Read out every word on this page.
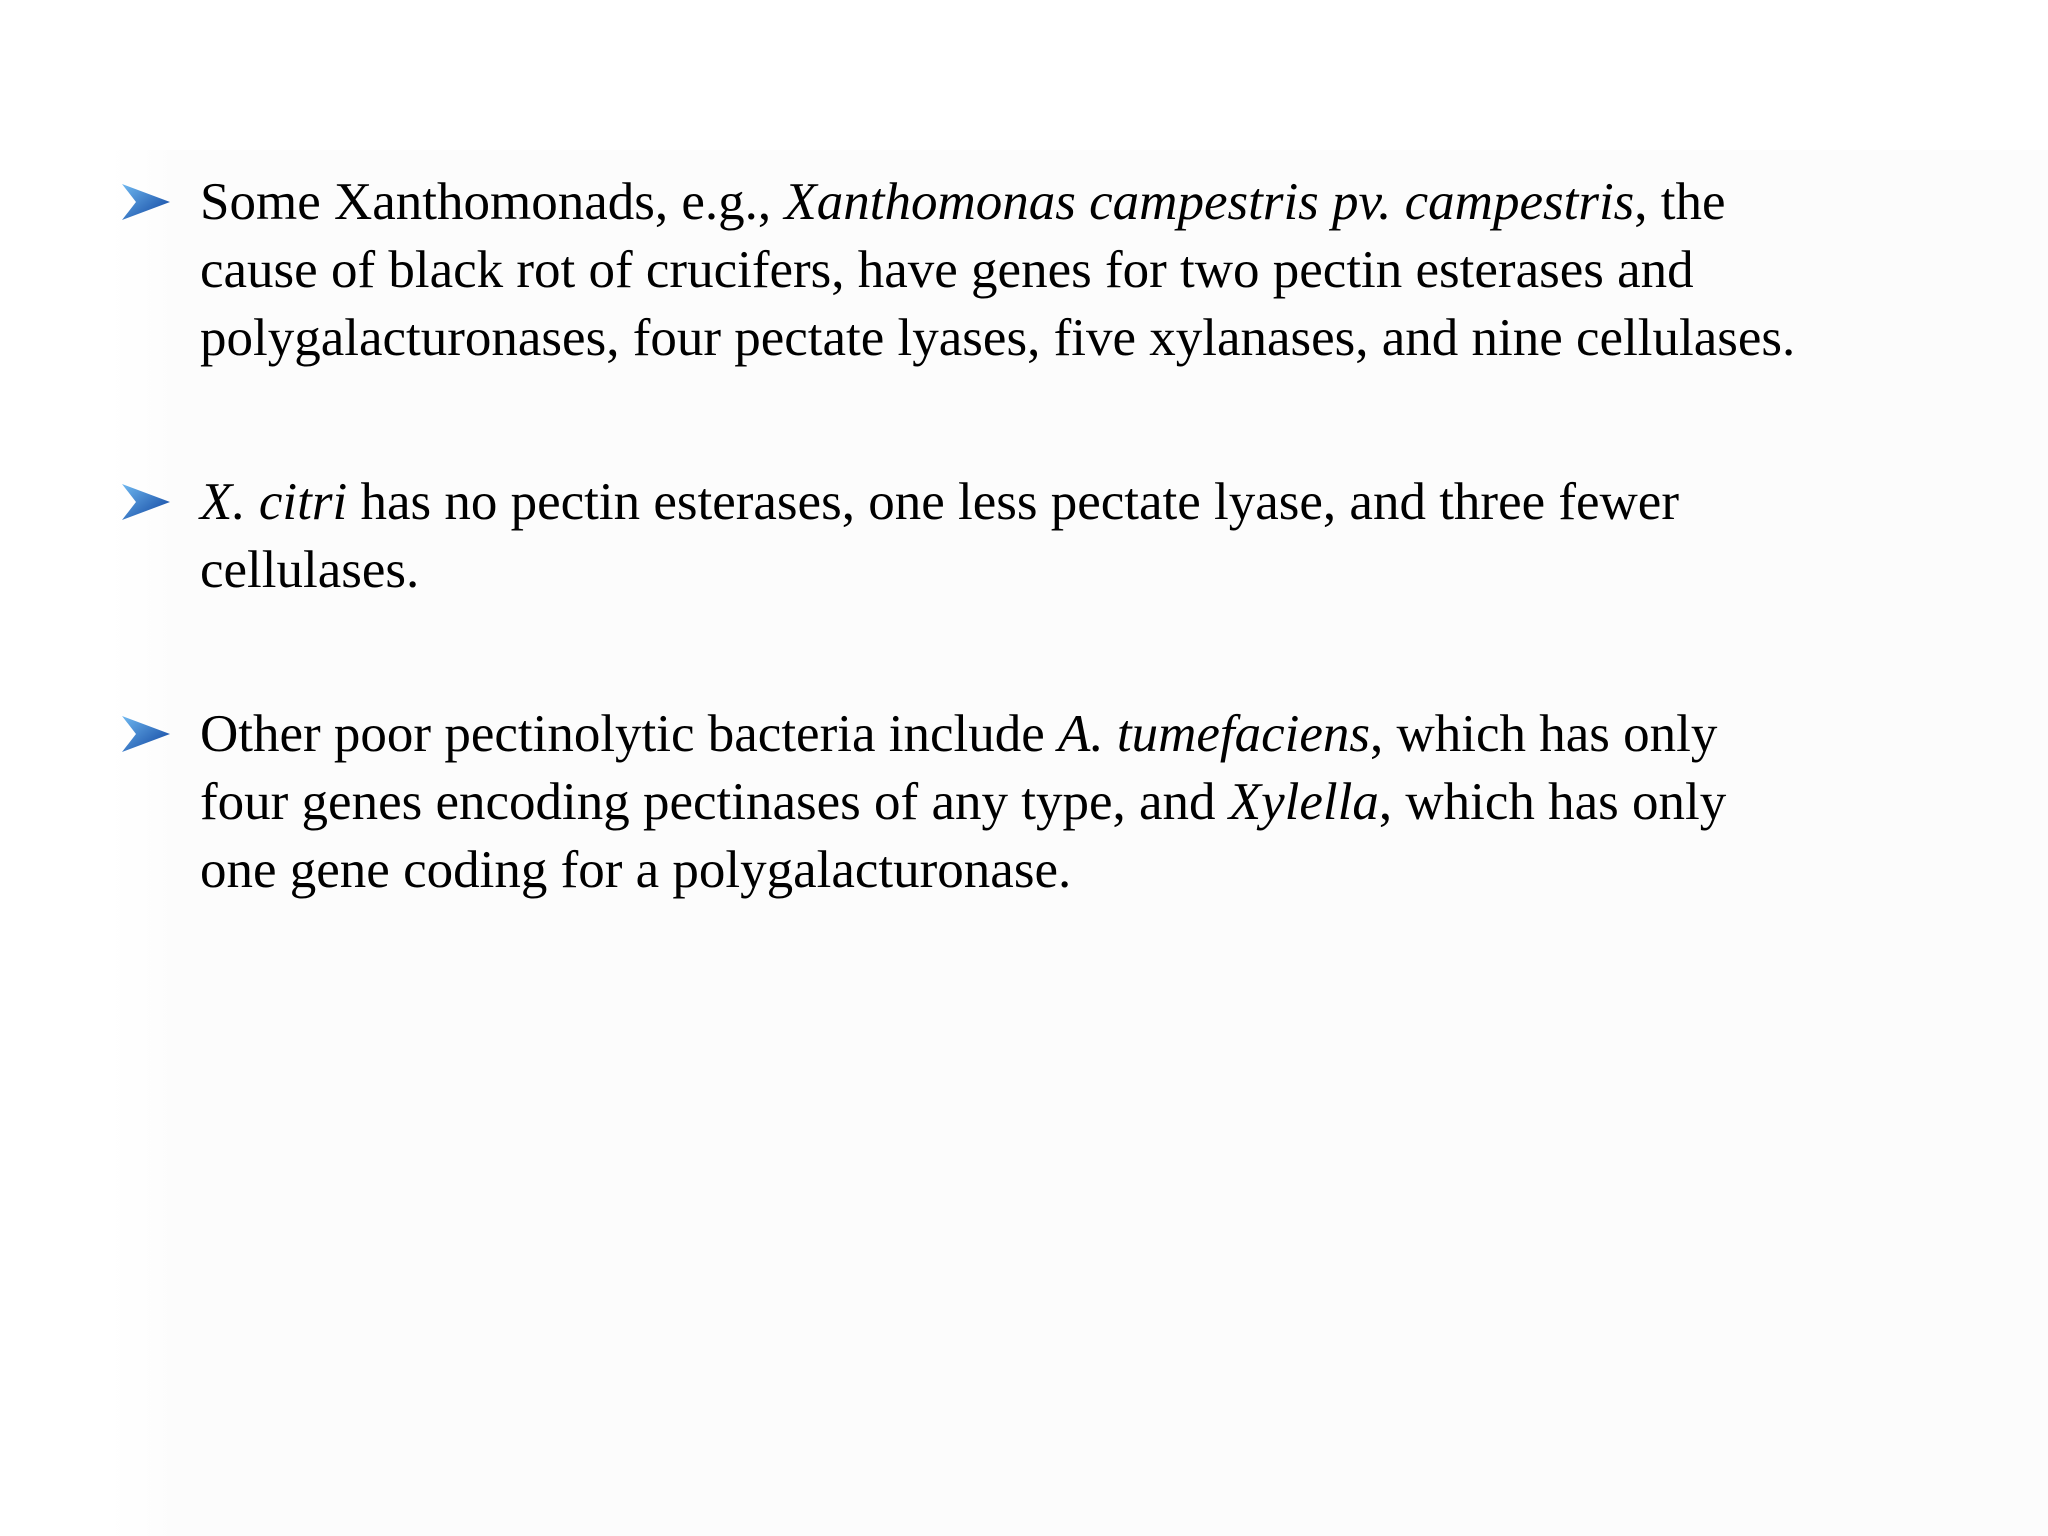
Some Xanthomonads, e.g., Xanthomonas campestris pv. campestris, the
cause of black rot of crucifers, have genes for two pectin esterases and
polygalacturonases, four pectate lyases, five xylanases, and nine cellulases.
X. citri has no pectin esterases, one less pectate lyase, and three fewer
cellulases.
Other poor pectinolytic bacteria include A. tumefaciens, which has only
four genes encoding pectinases of any type, and Xylella, which has only
one gene coding for a polygalacturonase.
